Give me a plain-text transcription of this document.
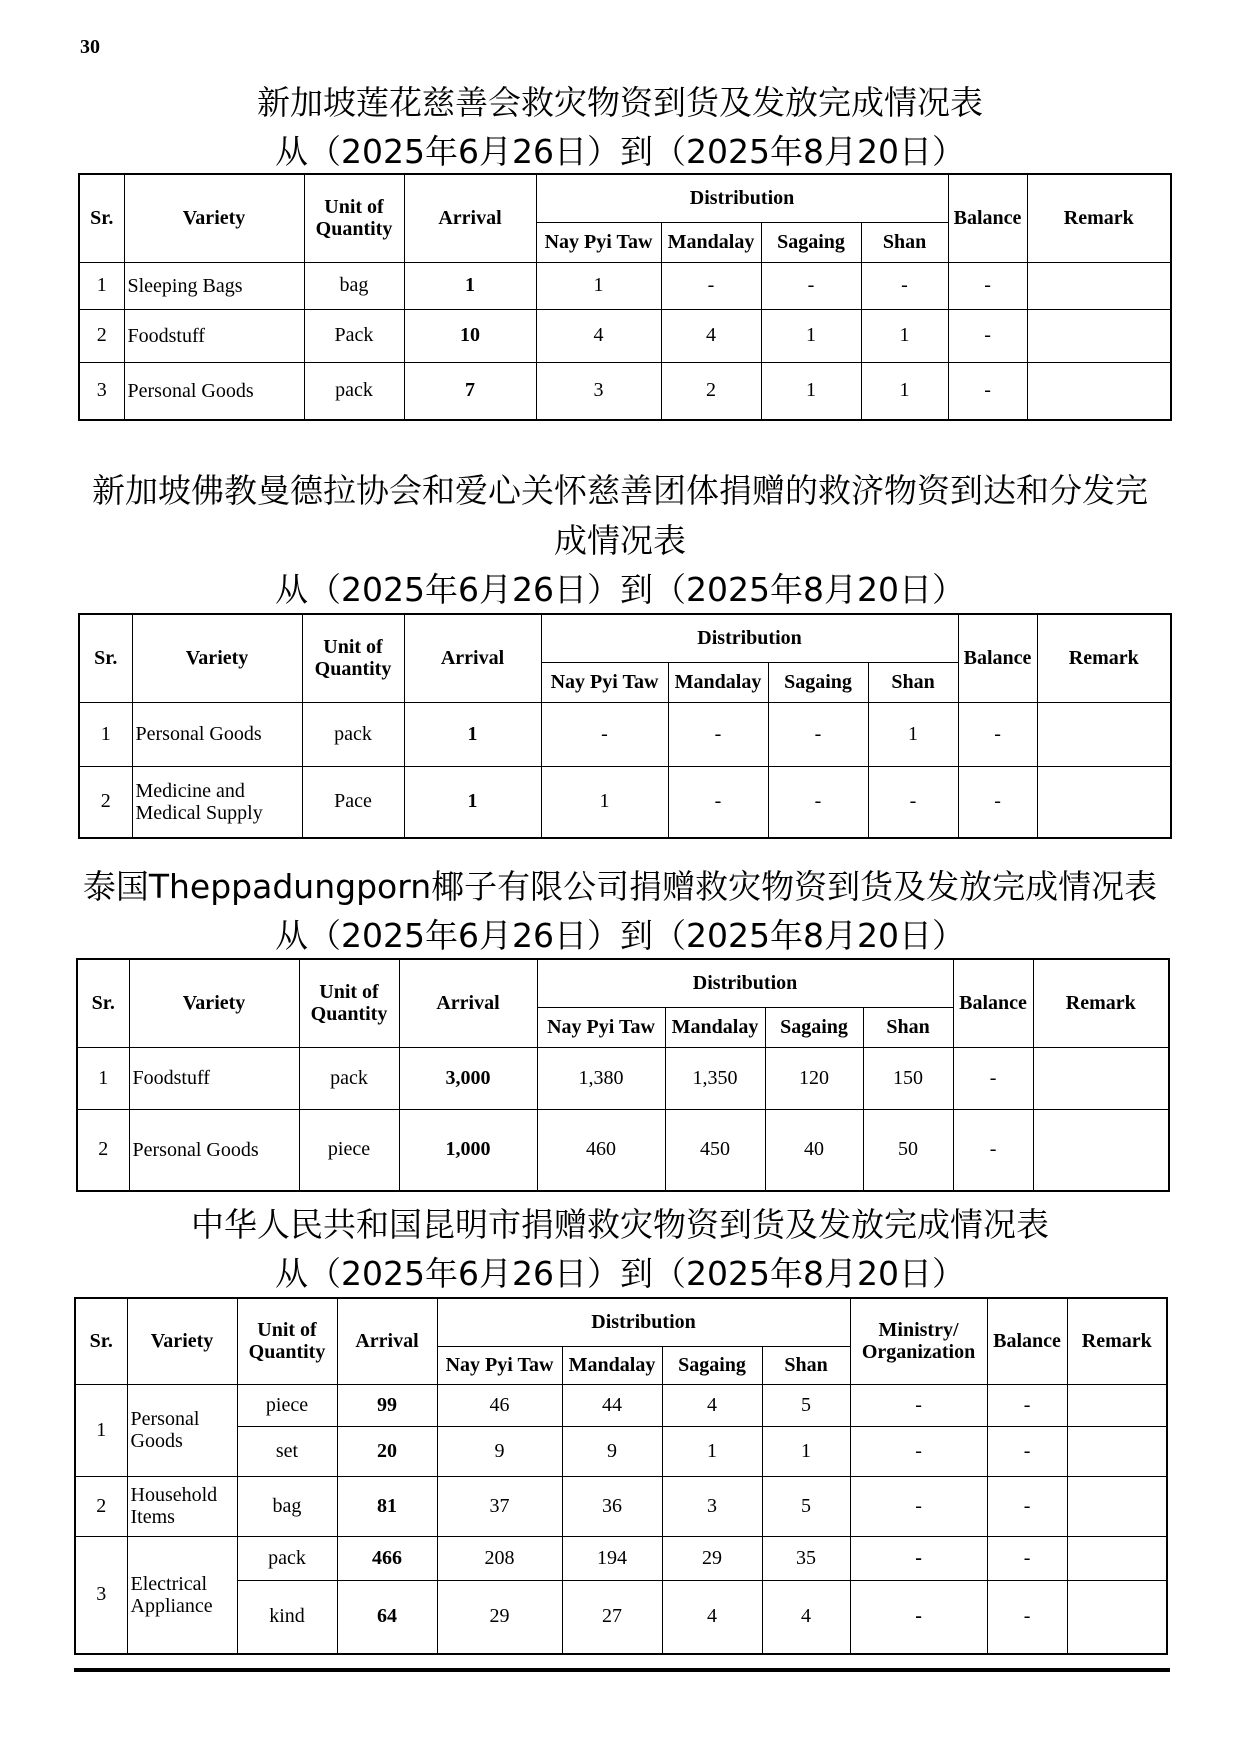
30

新加坡莲花慈善会救灾物资到货及发放完成情况表

从（2025年6月26日）到（2025年8月20日）

Sr.	Variety	Unit of Quantity	Arrival	Distribution				Balance	Remark
				Nay Pyi Taw	Mandalay	Sagaing	Shan		
1	Sleeping Bags	bag	1	1	-	-	-	-	
2	Foodstuff	Pack	10	4	4	1	1	-	
3	Personal Goods	pack	7	3	2	1	1	-	

新加坡佛教曼德拉协会和爱心关怀慈善团体捐赠的救济物资到达和分发完

成情况表

从（2025年6月26日）到（2025年8月20日）

Sr.	Variety	Unit of Quantity	Arrival	Distribution				Balance	Remark
				Nay Pyi Taw	Mandalay	Sagaing	Shan		
1	Personal Goods	pack	1	-	-	-	1	-	
2	Medicine and Medical Supply	Pace	1	1	-	-	-	-	

泰国Theppadungporn椰子有限公司捐赠救灾物资到货及发放完成情况表

从（2025年6月26日）到（2025年8月20日）

Sr.	Variety	Unit of Quantity	Arrival	Distribution				Balance	Remark
				Nay Pyi Taw	Mandalay	Sagaing	Shan		
1	Foodstuff	pack	3,000	1,380	1,350	120	150	-	
2	Personal Goods	piece	1,000	460	450	40	50	-	

中华人民共和国昆明市捐赠救灾物资到货及发放完成情况表

从（2025年6月26日）到（2025年8月20日）

Sr.	Variety	Unit of Quantity	Arrival	Distribution				Ministry/ Organization	Balance	Remark
				Nay Pyi Taw	Mandalay	Sagaing	Shan			
1	Personal Goods	piece	99	46	44	4	5	-	-	
		set	20	9	9	1	1	-	-	
2	Household Items	bag	81	37	36	3	5	-	-	
3	Electrical Appliance	pack	466	208	194	29	35	-	-	
		kind	64	29	27	4	4	-	-	
